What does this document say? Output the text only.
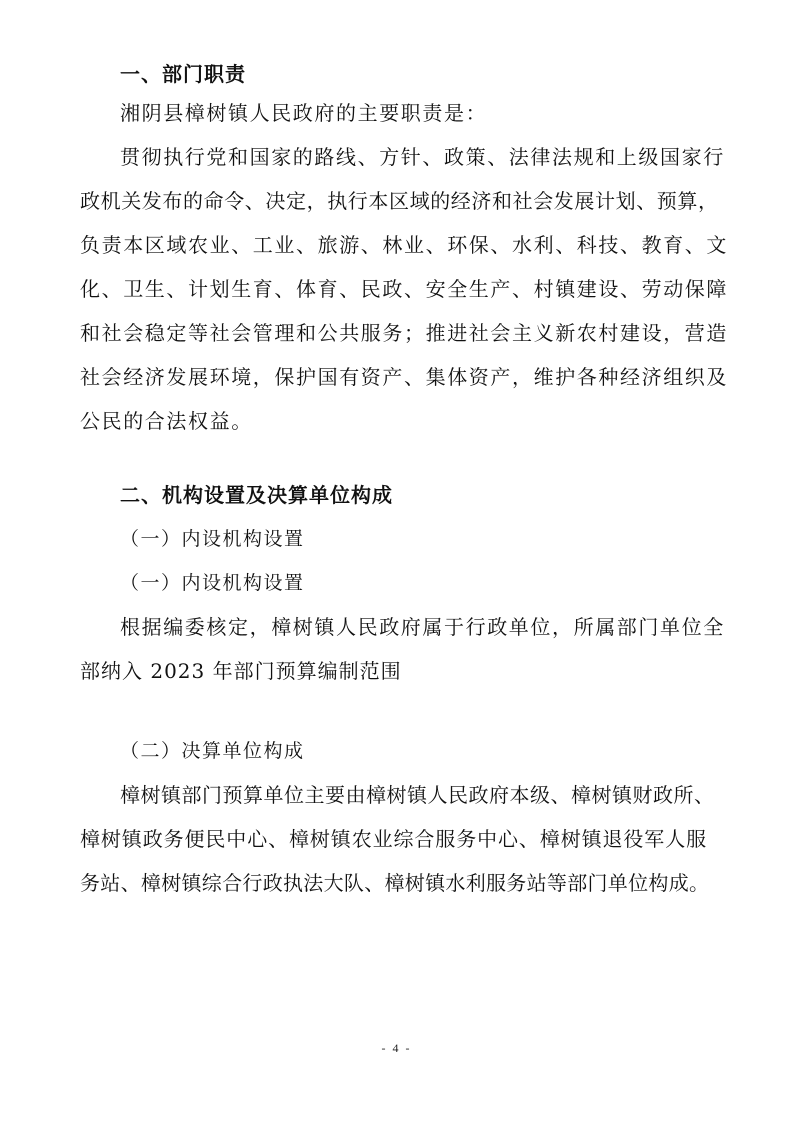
一、部门职责
湘阴县樟树镇人民政府的主要职责是：
贯彻执行党和国家的路线、方针、政策、法律法规和上级国家行
政机关发布的命令、决定，执行本区域的经济和社会发展计划、预算，
负责本区域农业、工业、旅游、林业、环保、水利、科技、教育、文
化、卫生、计划生育、体育、民政、安全生产、村镇建设、劳动保障
和社会稳定等社会管理和公共服务；推进社会主义新农村建设，营造
社会经济发展环境，保护国有资产、集体资产，维护各种经济组织及
公民的合法权益。
二、机构设置及决算单位构成
（一）内设机构设置
（一）内设机构设置
根据编委核定，樟树镇人民政府属于行政单位，所属部门单位全
部纳入 2023 年部门预算编制范围
（二）决算单位构成
樟树镇部门预算单位主要由樟树镇人民政府本级、樟树镇财政所、
樟树镇政务便民中心、樟树镇农业综合服务中心、樟树镇退役军人服
务站、樟树镇综合行政执法大队、樟树镇水利服务站等部门单位构成。
- 4 -
